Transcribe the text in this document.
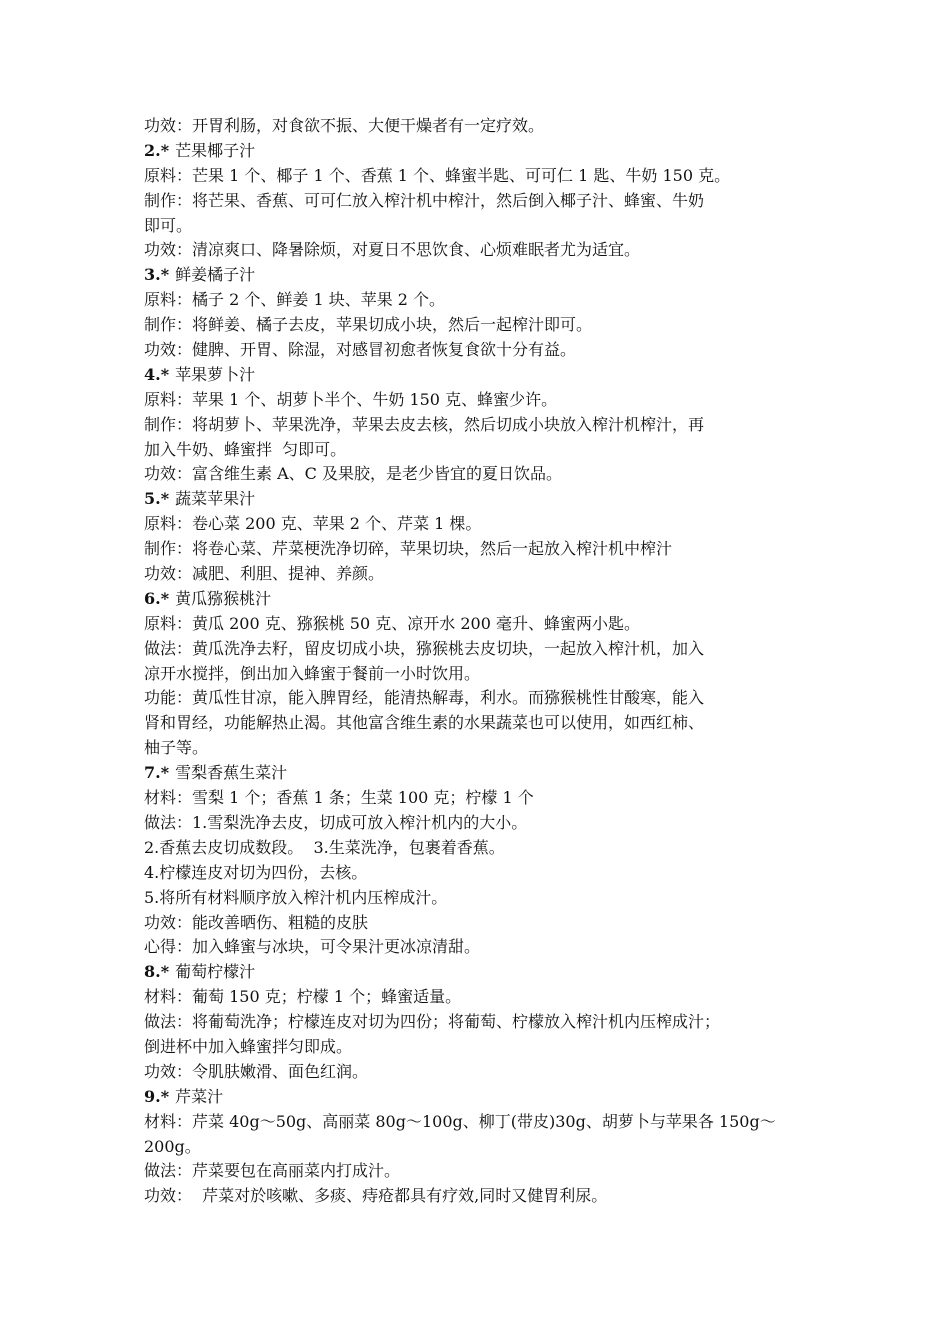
功效：开胃利肠，对食欲不振、大便干燥者有一定疗效。
2.* 芒果椰子汁
原料：芒果 1 个、椰子 1 个、香蕉 1 个、蜂蜜半匙、可可仁 1 匙、牛奶 150 克。
制作：将芒果、香蕉、可可仁放入榨汁机中榨汁，然后倒入椰子汁、蜂蜜、牛奶
即可。
功效：清凉爽口、降暑除烦，对夏日不思饮食、心烦难眠者尤为适宜。
3.* 鲜姜橘子汁
原料：橘子 2 个、鲜姜 1 块、苹果 2 个。
制作：将鲜姜、橘子去皮，苹果切成小块，然后一起榨汁即可。
功效：健脾、开胃、除湿，对感冒初愈者恢复食欲十分有益。
4.* 苹果萝卜汁
原料：苹果 1 个、胡萝卜半个、牛奶 150 克、蜂蜜少许。
制作：将胡萝卜、苹果洗净，苹果去皮去核，然后切成小块放入榨汁机榨汁，再
加入牛奶、蜂蜜拌  匀即可。
功效：富含维生素 A、C 及果胶，是老少皆宜的夏日饮品。
5.* 蔬菜苹果汁
原料：卷心菜 200 克、苹果 2 个、芹菜 1 棵。
制作：将卷心菜、芹菜梗洗净切碎，苹果切块，然后一起放入榨汁机中榨汁
功效：减肥、利胆、提神、养颜。
6.* 黄瓜猕猴桃汁
原料：黄瓜 200 克、猕猴桃 50 克、凉开水 200 毫升、蜂蜜两小匙。
做法：黄瓜洗净去籽，留皮切成小块，猕猴桃去皮切块，一起放入榨汁机，加入
凉开水搅拌，倒出加入蜂蜜于餐前一小时饮用。
功能：黄瓜性甘凉，能入脾胃经，能清热解毒，利水。而猕猴桃性甘酸寒，能入
肾和胃经，功能解热止渴。其他富含维生素的水果蔬菜也可以使用，如西红柿、
柚子等。
7.* 雪梨香蕉生菜汁
材料：雪梨 1 个；香蕉 1 条；生菜 100 克；柠檬 1 个
做法：1.雪梨洗净去皮，切成可放入榨汁机内的大小。
2.香蕉去皮切成数段。  3.生菜洗净，包裹着香蕉。
4.柠檬连皮对切为四份，去核。
5.将所有材料顺序放入榨汁机内压榨成汁。
功效：能改善晒伤、粗糙的皮肤
心得：加入蜂蜜与冰块，可令果汁更冰凉清甜。
8.* 葡萄柠檬汁
材料：葡萄 150 克；柠檬 1 个；蜂蜜适量。
做法：将葡萄洗净；柠檬连皮对切为四份；将葡萄、柠檬放入榨汁机内压榨成汁；
倒进杯中加入蜂蜜拌匀即成。
功效：令肌肤嫩滑、面色红润。
9.* 芹菜汁
材料：芹菜 40g～50g、高丽菜 80g～100g、柳丁(带皮)30g、胡萝卜与苹果各 150g～
200g。
做法：芹菜要包在高丽菜内打成汁。
功效：  芹菜对於咳嗽、多痰、痔疮都具有疗效,同时又健胃利尿。
